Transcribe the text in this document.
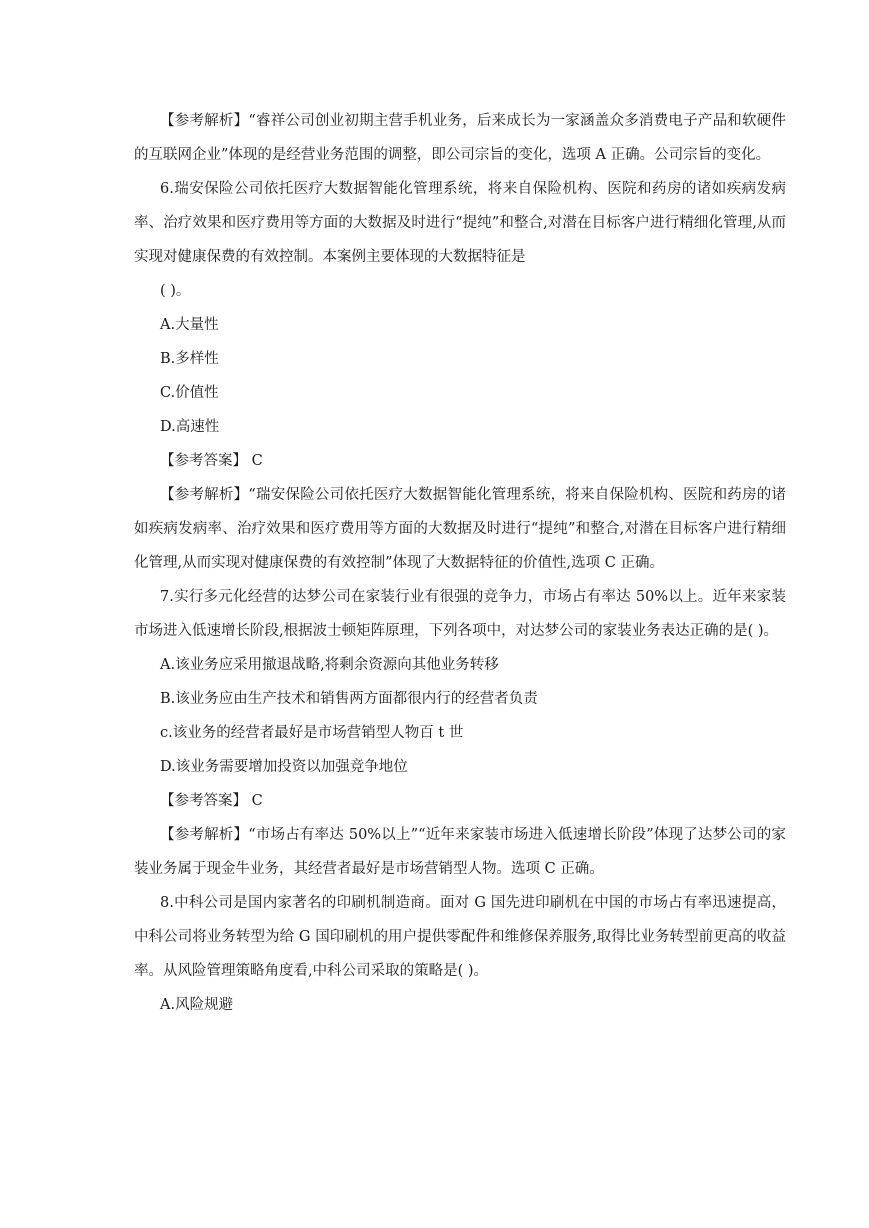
【参考解析】“睿祥公司创业初期主营手机业务，后来成长为一家涵盖众多消费电子产品和软硬件的互联网企业”体现的是经营业务范围的调整，即公司宗旨的变化，选项 A 正确。公司宗旨的变化。

6.瑞安保险公司依托医疗大数据智能化管理系统，将来自保险机构、医院和药房的诸如疾病发病率、治疗效果和医疗费用等方面的大数据及时进行“提纯”和整合,对潜在目标客户进行精细化管理,从而实现对健康保费的有效控制。本案例主要体现的大数据特征是

( )。

A.大量性

B.多样性

C.价值性

D.高速性

【参考答案】 C

【参考解析】“瑞安保险公司依托医疗大数据智能化管理系统，将来自保险机构、医院和药房的诸如疾病发病率、治疗效果和医疗费用等方面的大数据及时进行“提纯”和整合,对潜在目标客户进行精细化管理,从而实现对健康保费的有效控制”体现了大数据特征的价值性,选项 C 正确。

7.实行多元化经营的达梦公司在家装行业有很强的竞争力，市场占有率达 50%以上。近年来家装市场进入低速增长阶段,根据波士顿矩阵原理，下列各项中，对达梦公司的家装业务表达正确的是( )。

A.该业务应采用撤退战略,将剩余资源向其他业务转移

B.该业务应由生产技术和销售两方面都很内行的经营者负责

c.该业务的经营者最好是市场营销型人物百 t 世

D.该业务需要增加投资以加强竞争地位

【参考答案】 C

【参考解析】“市场占有率达 50%以上”“近年来家装市场进入低速增长阶段”体现了达梦公司的家装业务属于现金牛业务，其经营者最好是市场营销型人物。选项 C 正确。

8.中科公司是国内家著名的印刷机制造商。面对 G 国先进印刷机在中国的市场占有率迅速提高，中科公司将业务转型为给 G 国印刷机的用户提供零配件和维修保养服务,取得比业务转型前更高的收益率。从风险管理策略角度看,中科公司采取的策略是( )。

A.风险规避
